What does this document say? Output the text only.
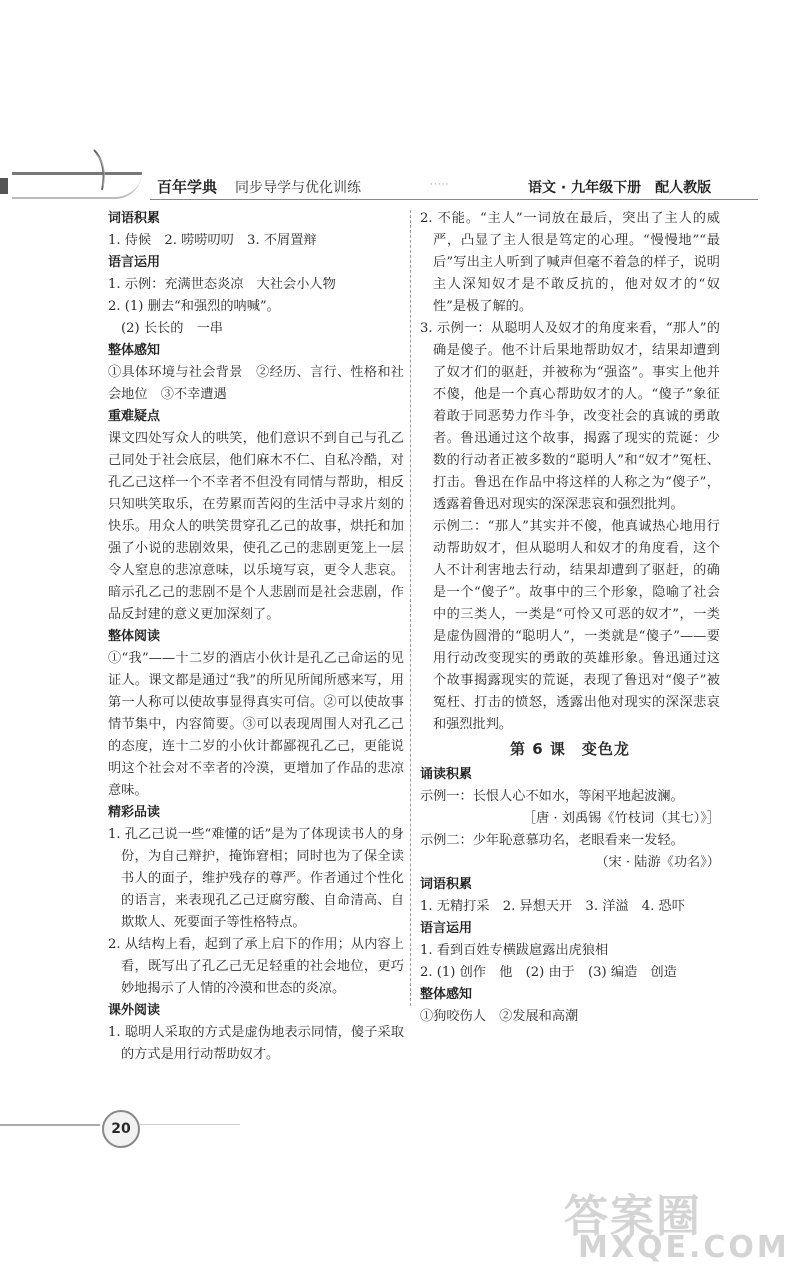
百年学典 同步导学与优化训练	·····	语文 · 九年级下册　配人教版

词语积累

1. 侍候　2. 唠唠叨叨　3. 不屑置辩

语言运用

1. 示例：充满世态炎凉　大社会小人物

2. (1) 删去“和强烈的呐喊”。

(2) 长长的　一串

整体感知

①具体环境与社会背景　②经历、言行、性格和社会地位　③不幸遭遇

重难疑点

课文四处写众人的哄笑，他们意识不到自己与孔乙己同处于社会底层，他们麻木不仁、自私冷酷，对孔乙己这样一个不幸者不但没有同情与帮助，相反只知哄笑取乐，在劳累而苦闷的生活中寻求片刻的快乐。用众人的哄笑贯穿孔乙己的故事，烘托和加强了小说的悲剧效果，使孔乙己的悲剧更笼上一层令人窒息的悲凉意味，以乐境写哀，更令人悲哀。暗示孔乙己的悲剧不是个人悲剧而是社会悲剧，作品反封建的意义更加深刻了。

整体阅读

①“我”——十二岁的酒店小伙计是孔乙己命运的见证人。课文都是通过“我”的所见所闻所感来写，用第一人称可以使故事显得真实可信。②可以使故事情节集中，内容简要。③可以表现周围人对孔乙己的态度，连十二岁的小伙计都鄙视孔乙己，更能说明这个社会对不幸者的冷漠，更增加了作品的悲凉意味。

精彩品读

1. 孔乙己说一些“难懂的话”是为了体现读书人的身份，为自己辩护，掩饰窘相；同时也为了保全读书人的面子，维护残存的尊严。作者通过个性化的语言，来表现孔乙己迂腐穷酸、自命清高、自欺欺人、死要面子等性格特点。

2. 从结构上看，起到了承上启下的作用；从内容上看，既写出了孔乙己无足轻重的社会地位，更巧妙地揭示了人情的冷漠和世态的炎凉。

课外阅读

1. 聪明人采取的方式是虚伪地表示同情，傻子采取的方式是用行动帮助奴才。

2. 不能。“主人”一词放在最后，突出了主人的威严，凸显了主人很是笃定的心理。“慢慢地”“最后”写出主人听到了喊声但毫不着急的样子，说明主人深知奴才是不敢反抗的，他对奴才的“奴性”是极了解的。

3. 示例一：从聪明人及奴才的角度来看，“那人”的确是傻子。他不计后果地帮助奴才，结果却遭到了奴才们的驱赶，并被称为“强盗”。事实上他并不傻，他是一个真心帮助奴才的人。“傻子”象征着敢于同恶势力作斗争，改变社会的真诚的勇敢者。鲁迅通过这个故事，揭露了现实的荒诞：少数的行动者正被多数的“聪明人”和“奴才”冤枉、打击。鲁迅在作品中将这样的人称之为“傻子”，透露着鲁迅对现实的深深悲哀和强烈批判。

示例二：“那人”其实并不傻，他真诚热心地用行动帮助奴才，但从聪明人和奴才的角度看，这个人不计利害地去行动，结果却遭到了驱赶，的确是一个“傻子”。故事中的三个形象，隐喻了社会中的三类人，一类是“可怜又可恶的奴才”，一类是虚伪圆滑的“聪明人”，一类就是“傻子”——要用行动改变现实的勇敢的英雄形象。鲁迅通过这个故事揭露现实的荒诞，表现了鲁迅对“傻子”被冤枉、打击的愤怒，透露出他对现实的深深悲哀和强烈批判。

第 6 课　变色龙

诵读积累

示例一：长恨人心不如水，等闲平地起波澜。

［唐 · 刘禹锡《竹枝词（其七）》］

示例二：少年恥意慕功名，老眼看来一发轻。

（宋 · 陆游《功名》）

词语积累

1. 无精打采　2. 异想天开　3. 洋溢　4. 恐吓

语言运用

1. 看到百姓专横跋扈露出虎狼相

2. (1) 创作　他　(2) 由于　(3) 编造　创造

整体感知

①狗咬伤人　②发展和高潮

20
答案圈
MXQE.COM
